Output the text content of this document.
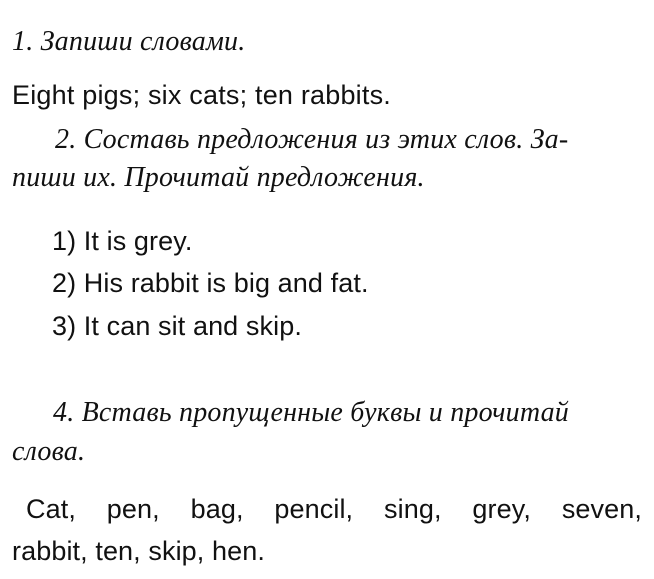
1. Запиши словами.
Eight pigs; six cats; ten rabbits.
2. Составь предложения из этих слов. За-
пиши их. Прочитай предложения.
1) It is grey.
2) His rabbit is big and fat.
3) It can sit and skip.
4. Вставь пропущенные буквы и прочитай
слова.
Cat, pen, bag, pencil, sing, grey, seven,
rabbit, ten, skip, hen.
